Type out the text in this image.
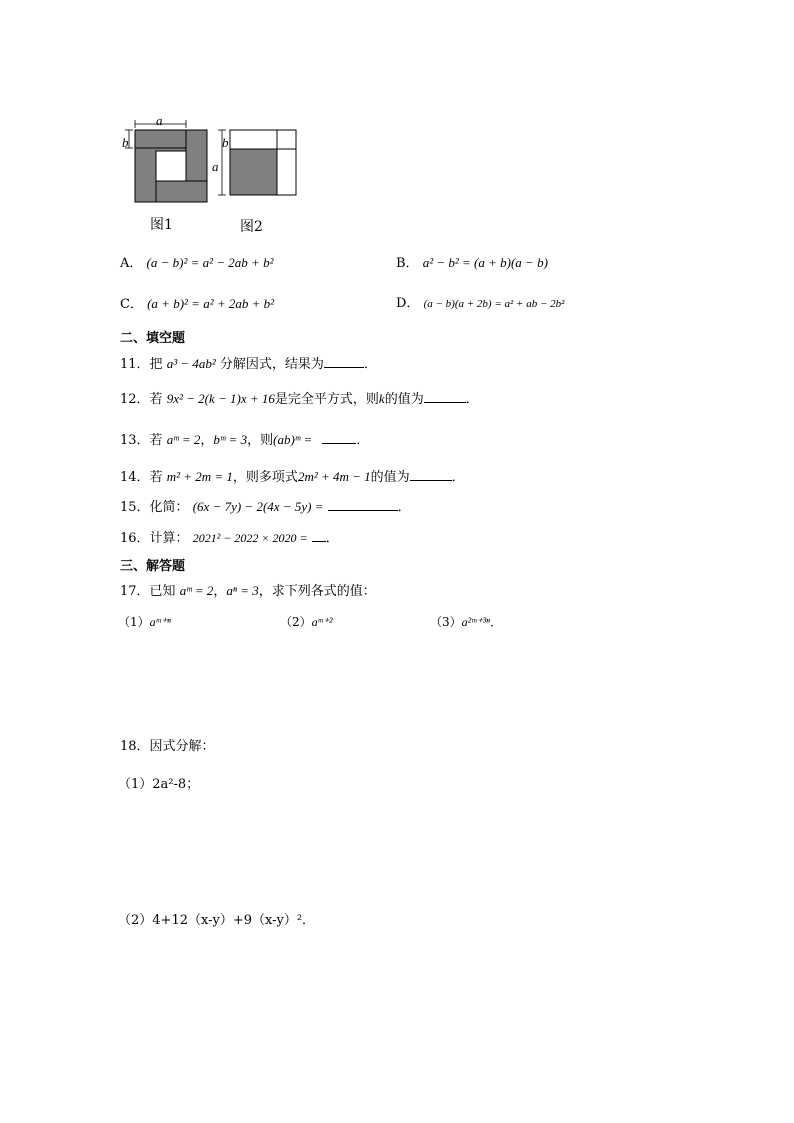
a
b	b
a
图1	图2
A． (a − b)² = a² − 2ab + b²	B． a² − b² = (a + b)(a − b)
C． (a + b)² = a² + 2ab + b²	D． (a − b)(a + 2b) = a² + ab − 2b²
二、填空题
11．把 a³ − 4ab² 分解因式，结果为	．
12．若 9x² − 2(k − 1)x + 16是完全平方式，则k的值为	．
13．若 aᵐ = 2，bᵐ = 3，则(ab)ᵐ =	．
14．若 m² + 2m = 1，则多项式2m² + 4m − 1的值为	．
15．化简： (6x − 7y) − 2(4x − 5y) =	．
16．计算： 2021² − 2022 × 2020 = ．
三、解答题
17．已知 aᵐ = 2，aⁿ = 3，求下列各式的值：
（1）aᵐ⁺ⁿ	（2）aᵐ⁺²	（3）a²ᵐ⁺³ⁿ．
18．因式分解：
（1）2a²-8；
（2）4+12（x-y）+9（x-y）²．
